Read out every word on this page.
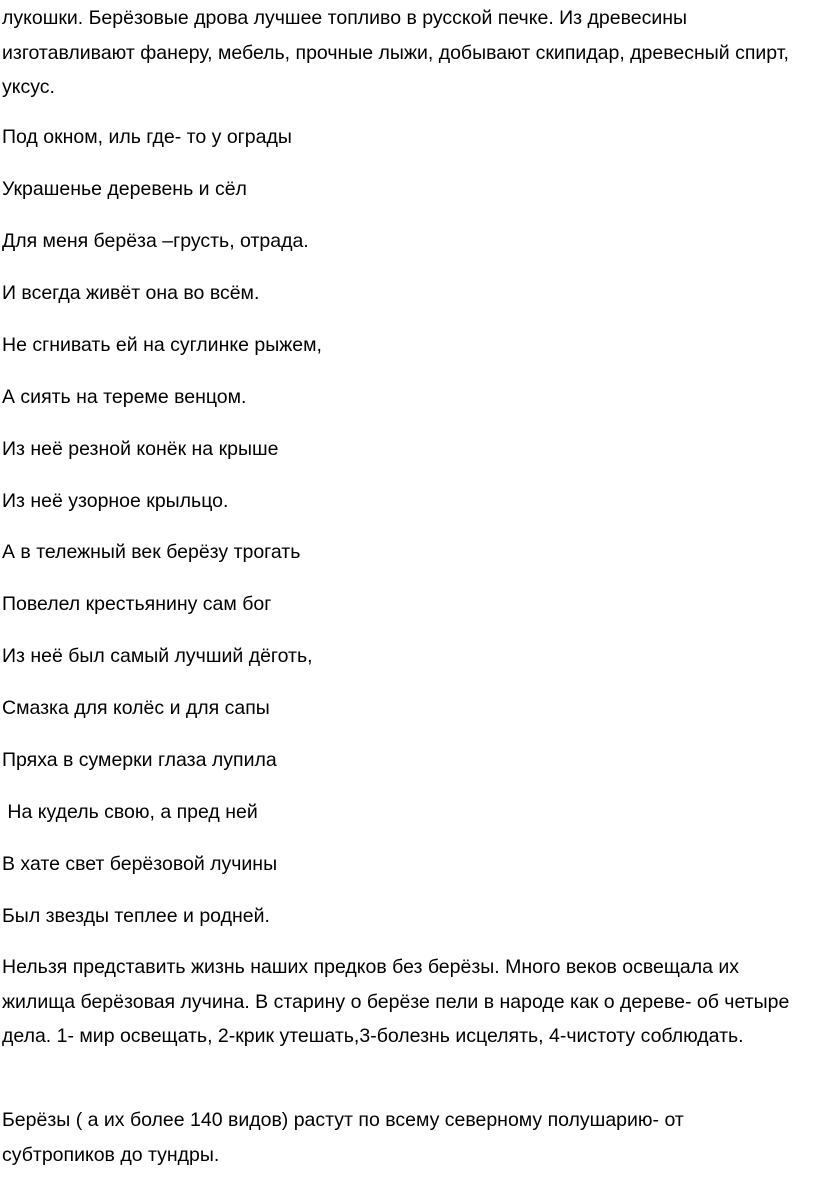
лукошки. Берёзовые дрова лучшее топливо в русской печке. Из древесины изготавливают фанеру, мебель, прочные лыжи, добывают скипидар, древесный спирт, уксус.

Под окном, иль где- то у ограды

Украшенье деревень и сёл

Для меня берёза –грусть, отрада.

И всегда живёт она во всём.

Не сгнивать ей на суглинке рыжем,

А сиять на тереме венцом.

Из неё резной конёк на крыше

Из неё узорное крыльцо.

А в тележный век берёзу трогать

Повелел крестьянину сам бог

Из неё был самый лучший дёготь,

Смазка для колёс и для сапы

Пряха в сумерки глаза лупила

На кудель свою, а пред ней

В хате свет берёзовой лучины

Был звезды теплее и родней.

Нельзя представить жизнь наших предков без берёзы. Много веков освещала их жилища берёзовая лучина. В старину о берёзе пели в народе как о дереве- об четыре дела. 1- мир освещать, 2-крик утешать,3-болезнь исцелять, 4-чистоту соблюдать.

Берёзы ( а их более 140 видов) растут по всему северному полушарию- от субтропиков до тундры.
